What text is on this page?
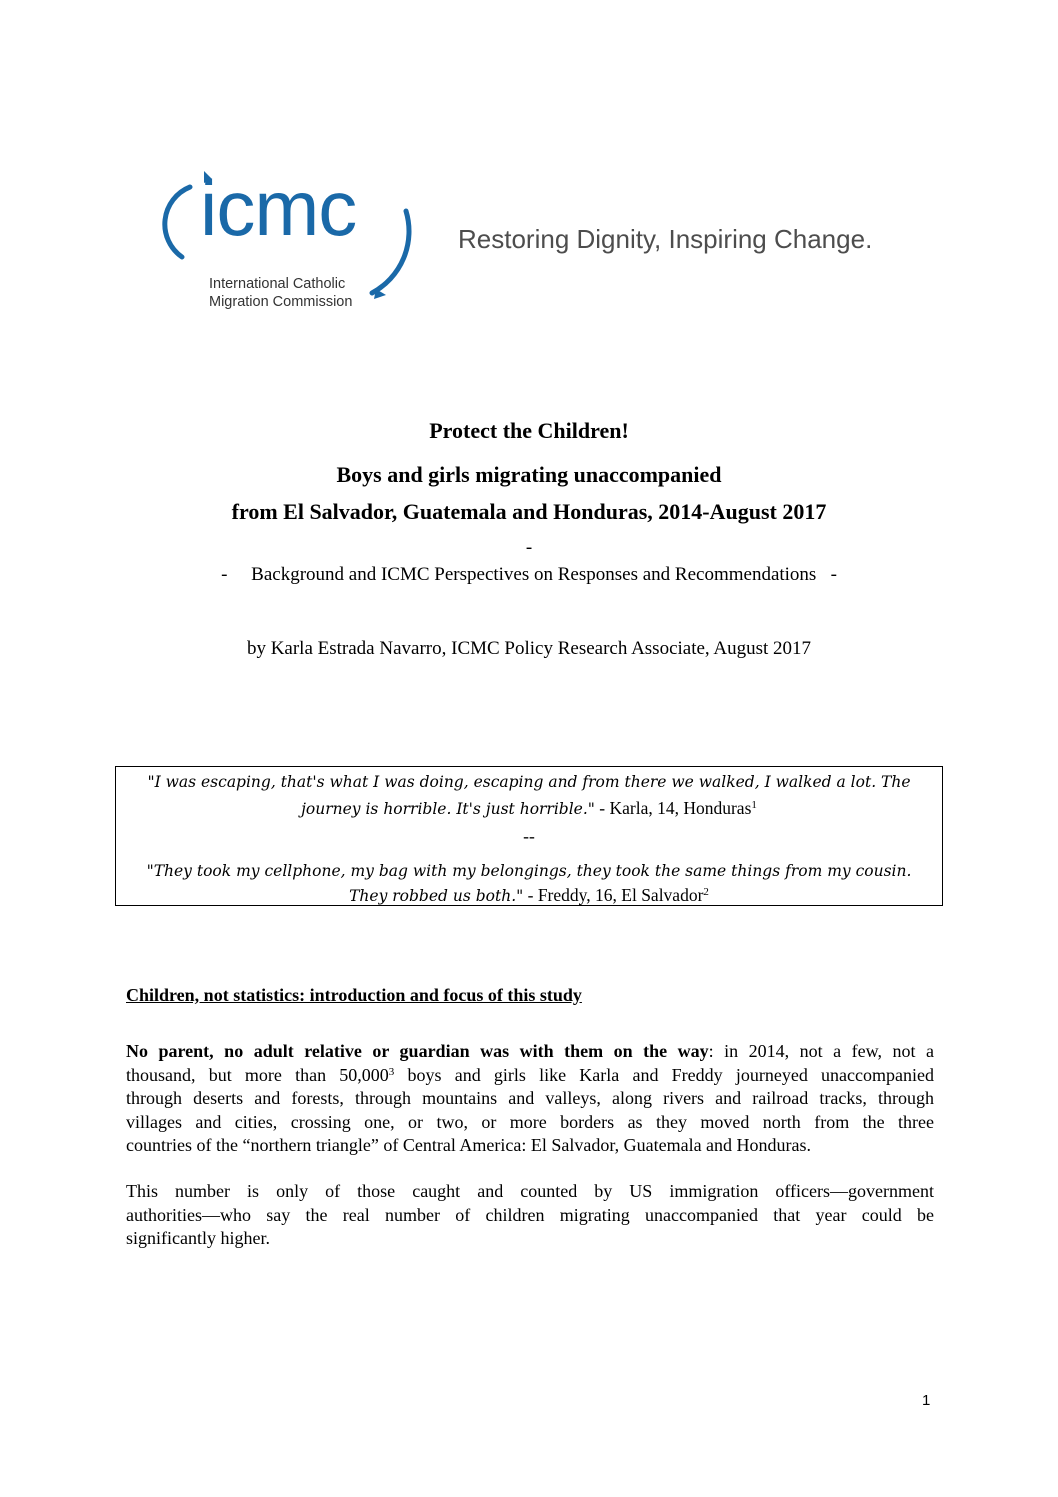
icmc
International Catholic
Migration Commission
Restoring Dignity, Inspiring Change.
Protect the Children!
Boys and girls migrating unaccompanied
from El Salvador, Guatemala and Honduras, 2014-August 2017
-
-     Background and ICMC Perspectives on Responses and Recommendations   -
by Karla Estrada Navarro, ICMC Policy Research Associate, August 2017
"I was escaping, that's what I was doing, escaping and from there we walked, I walked a lot. The
journey is horrible. It's just horrible." - Karla, 14, Honduras$^1$
--
"They took my cellphone, my bag with my belongings, they took the same things from my cousin.
They robbed us both." - Freddy, 16, El Salvador$^2$
Children, not statistics: introduction and focus of this study
No parent, no adult relative or guardian was with them on the way: in 2014, not a few, not a
thousand, but more than 50,000$^3$ boys and girls like Karla and Freddy journeyed unaccompanied
through deserts and forests, through mountains and valleys, along rivers and railroad tracks, through
villages and cities, crossing one, or two, or more borders as they moved north from the three
countries of the “northern triangle” of Central America: El Salvador, Guatemala and Honduras.
This number is only of those caught and counted by US immigration officers—government
authorities—who say the real number of children migrating unaccompanied that year could be
significantly higher.
1
